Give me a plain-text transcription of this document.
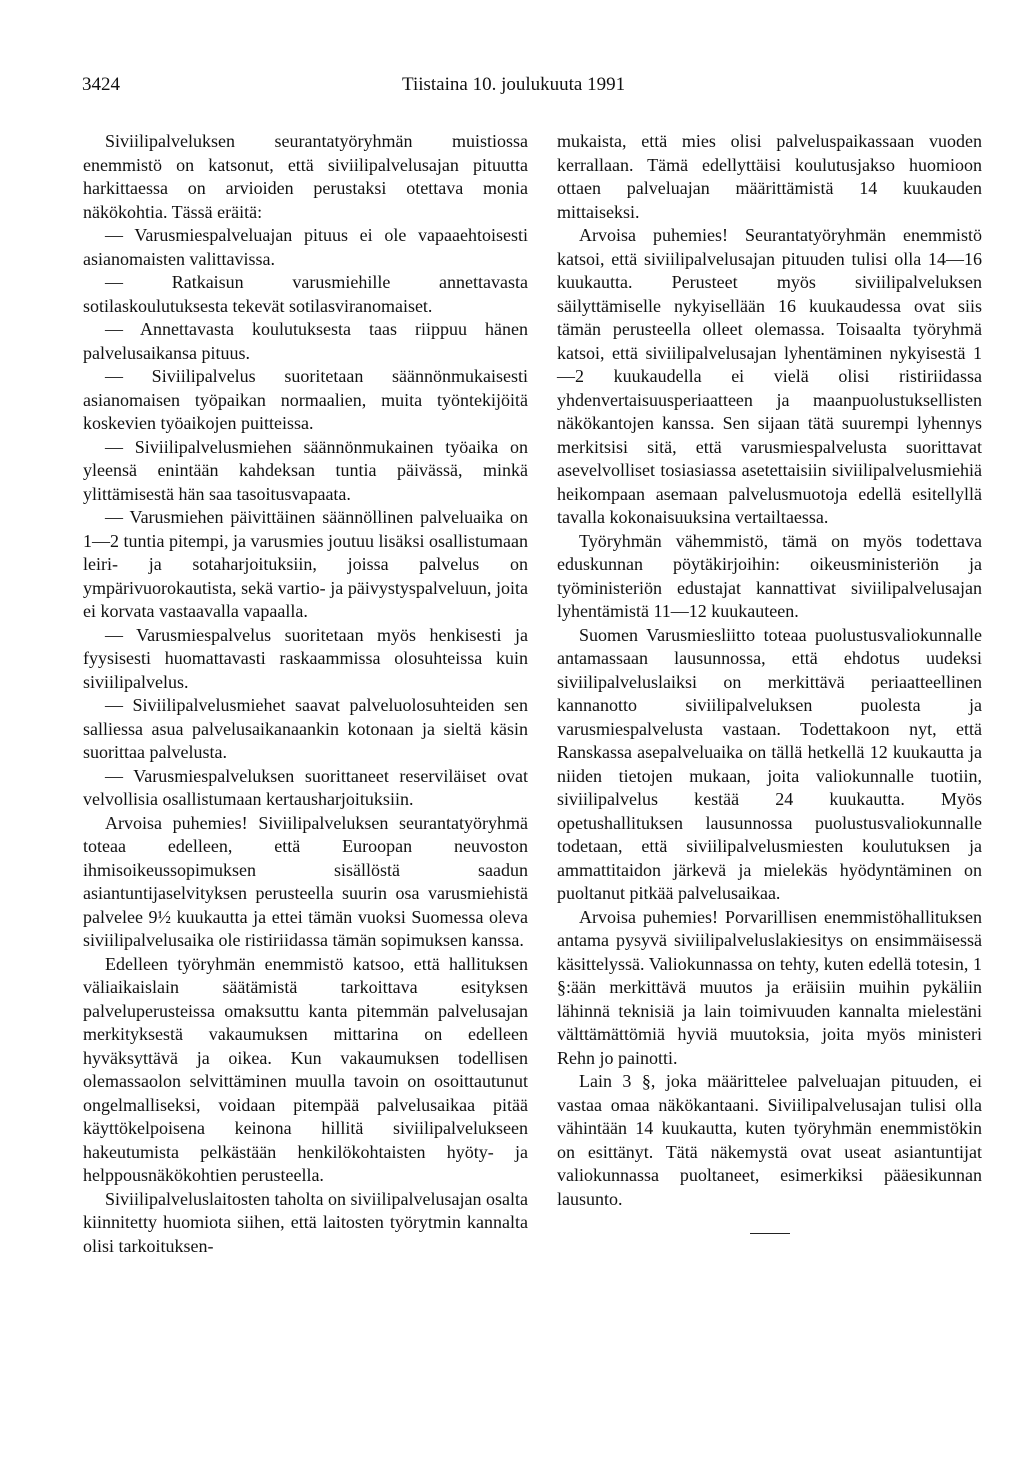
3424	Tiistaina 10. joulukuuta 1991

Siviilipalveluksen seurantatyöryhmän muistiossa enemmistö on katsonut, että siviilipalvelusajan pituutta harkittaessa on arvioiden perustaksi otettava monia näkökohtia. Tässä eräitä:

— Varusmiespalveluajan pituus ei ole vapaaehtoisesti asianomaisten valittavissa.

— Ratkaisun varusmiehille annettavasta sotilaskoulutuksesta tekevät sotilasviranomaiset.

— Annettavasta koulutuksesta taas riippuu hänen palvelusaikansa pituus.

— Siviilipalvelus suoritetaan säännönmukaisesti asianomaisen työpaikan normaalien, muita työntekijöitä koskevien työaikojen puitteissa.

— Siviilipalvelusmiehen säännönmukainen työaika on yleensä enintään kahdeksan tuntia päivässä, minkä ylittämisestä hän saa tasoitusvapaata.

— Varusmiehen päivittäinen säännöllinen palveluaika on 1—2 tuntia pitempi, ja varusmies joutuu lisäksi osallistumaan leiri- ja sotaharjoituksiin, joissa palvelus on ympärivuorokautista, sekä vartio- ja päivystyspalveluun, joita ei korvata vastaavalla vapaalla.

— Varusmiespalvelus suoritetaan myös henkisesti ja fyysisesti huomattavasti raskaammissa olosuhteissa kuin siviilipalvelus.

— Siviilipalvelusmiehet saavat palveluolosuhteiden sen salliessa asua palvelusaikanaankin kotonaan ja sieltä käsin suorittaa palvelusta.

— Varusmiespalveluksen suorittaneet reserviläiset ovat velvollisia osallistumaan kertausharjoituksiin.

Arvoisa puhemies! Siviilipalveluksen seurantatyöryhmä toteaa edelleen, että Euroopan neuvoston ihmisoikeussopimuksen sisällöstä saadun asiantuntijaselvityksen perusteella suurin osa varusmiehistä palvelee 9½ kuukautta ja ettei tämän vuoksi Suomessa oleva siviilipalvelusaika ole ristiriidassa tämän sopimuksen kanssa.

Edelleen työryhmän enemmistö katsoo, että hallituksen väliaikaislain säätämistä tarkoittava esityksen palveluperusteissa omaksuttu kanta pitemmän palvelusajan merkityksestä vakaumuksen mittarina on edelleen hyväksyttävä ja oikea. Kun vakaumuksen todellisen olemassaolon selvittäminen muulla tavoin on osoittautunut ongelmalliseksi, voidaan pitempää palvelusaikaa pitää käyttökelpoisena keinona hillitä siviilipalvelukseen hakeutumista pelkästään henkilökohtaisten hyöty- ja helppousnäkökohtien perusteella.

Siviilipalveluslaitosten taholta on siviilipalvelusajan osalta kiinnitetty huomiota siihen, että laitosten työrytmin kannalta olisi tarkoituksen-

mukaista, että mies olisi palveluspaikassaan vuoden kerrallaan. Tämä edellyttäisi koulutusjakso huomioon ottaen palveluajan määrittämistä 14 kuukauden mittaiseksi.

Arvoisa puhemies! Seurantatyöryhmän enemmistö katsoi, että siviilipalvelusajan pituuden tulisi olla 14—16 kuukautta. Perusteet myös siviilipalveluksen säilyttämiselle nykyisellään 16 kuukaudessa ovat siis tämän perusteella olleet olemassa. Toisaalta työryhmä katsoi, että siviilipalvelusajan lyhentäminen nykyisestä 1—2 kuukaudella ei vielä olisi ristiriidassa yhdenvertaisuusperiaatteen ja maanpuolustuksellisten näkökantojen kanssa. Sen sijaan tätä suurempi lyhennys merkitsisi sitä, että varusmiespalvelusta suorittavat asevelvolliset tosiasiassa asetettaisiin siviilipalvelusmiehiä heikompaan asemaan palvelusmuotoja edellä esitellyllä tavalla kokonaisuuksina vertailtaessa.

Työryhmän vähemmistö, tämä on myös todettava eduskunnan pöytäkirjoihin: oikeusministeriön ja työministeriön edustajat kannattivat siviilipalvelusajan lyhentämistä 11—12 kuukauteen.

Suomen Varusmiesliitto toteaa puolustusvaliokunnalle antamassaan lausunnossa, että ehdotus uudeksi siviilipalveluslaiksi on merkittävä periaatteellinen kannanotto siviilipalveluksen puolesta ja varusmiespalvelusta vastaan. Todettakoon nyt, että Ranskassa asepalveluaika on tällä hetkellä 12 kuukautta ja niiden tietojen mukaan, joita valiokunnalle tuotiin, siviilipalvelus kestää 24 kuukautta. Myös opetushallituksen lausunnossa puolustusvaliokunnalle todetaan, että siviilipalvelusmiesten koulutuksen ja ammattitaidon järkevä ja mielekäs hyödyntäminen on puoltanut pitkää palvelusaikaa.

Arvoisa puhemies! Porvarillisen enemmistöhallituksen antama pysyvä siviilipalveluslakiesitys on ensimmäisessä käsittelyssä. Valiokunnassa on tehty, kuten edellä totesin, 1 §:ään merkittävä muutos ja eräisiin muihin pykäliin lähinnä teknisiä ja lain toimivuuden kannalta mielestäni välttämättömiä hyviä muutoksia, joita myös ministeri Rehn jo painotti.

Lain 3 §, joka määrittelee palveluajan pituuden, ei vastaa omaa näkökantaani. Siviilipalvelusajan tulisi olla vähintään 14 kuukautta, kuten työryhmän enemmistökin on esittänyt. Tätä näkemystä ovat useat asiantuntijat valiokunnassa puoltaneet, esimerkiksi pääesikunnan lausunto.
